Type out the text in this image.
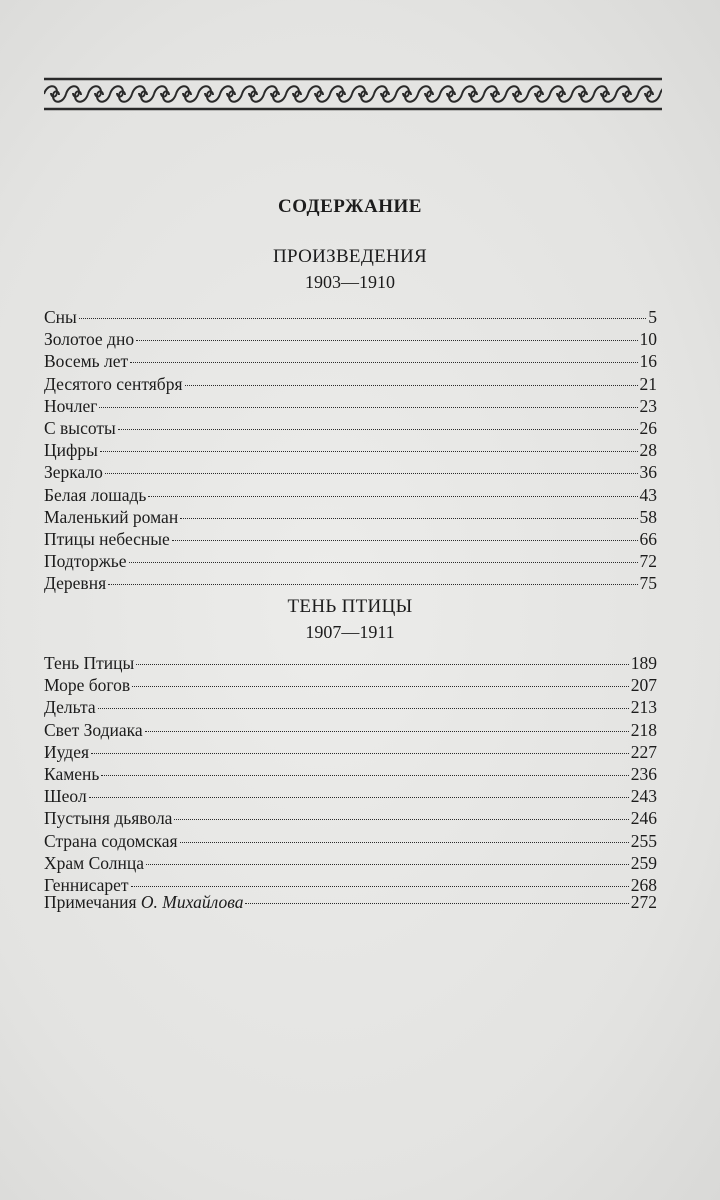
СОДЕРЖАНИЕ
ПРОИЗВЕДЕНИЯ
1903—1910
Сны	5
Золотое дно	10
Восемь лет	16
Десятого сентября	21
Ночлег	23
С высоты	26
Цифры	28
Зеркало	36
Белая лошадь	43
Маленький роман	58
Птицы небесные	66
Подторжье	72
Деревня	75
ТЕНЬ ПТИЦЫ
1907—1911
Тень Птицы	189
Море богов	207
Дельта	213
Свет Зодиака	218
Иудея	227
Камень	236
Шеол	243
Пустыня дьявола	246
Страна содомская	255
Храм Солнца	259
Геннисарет	268
Примечания О. Михайлова	272
